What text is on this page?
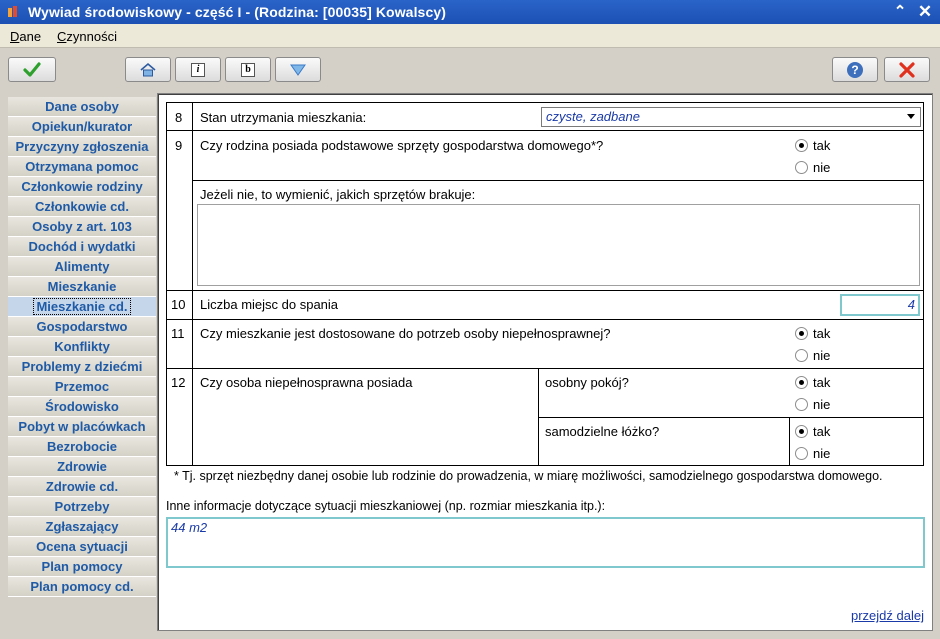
Wywiad środowiskowy - część I - (Rodzina: [00035] Kowalscy)	⌃ ✕
Dane Czynności
i	b	?
Dane osoby
Opiekun/kurator
Przyczyny zgłoszenia
Otrzymana pomoc
Członkowie rodziny
Członkowie cd.
Osoby z art. 103
Dochód i wydatki
Alimenty
Mieszkanie
Mieszkanie cd.
Gospodarstwo
Konflikty
Problemy z dziećmi
Przemoc
Środowisko
Pobyt w placówkach
Bezrobocie
Zdrowie
Zdrowie cd.
Potrzeby
Zgłaszający
Ocena sytuacji
Plan pomocy
Plan pomocy cd.
8 Stan utrzymania mieszkania:	czyste, zadbane
9 Czy rodzina posiada podstawowe sprzęty gospodarstwa domowego*?	tak
nie
Jeżeli nie, to wymienić, jakich sprzętów brakuje:
10 Liczba miejsc do spania	4
11 Czy mieszkanie jest dostosowane do potrzeb osoby niepełnosprawnej?	tak
nie
12 Czy osoba niepełnosprawna posiada	osobny pokój?	tak
nie
samodzielne łóżko?	tak
nie
* Tj. sprzęt niezbędny danej osobie lub rodzinie do prowadzenia, w miarę możliwości, samodzielnego gospodarstwa domowego.
Inne informacje dotyczące sytuacji mieszkaniowej (np. rozmiar mieszkania itp.):
44 m2
przejdź dalej
